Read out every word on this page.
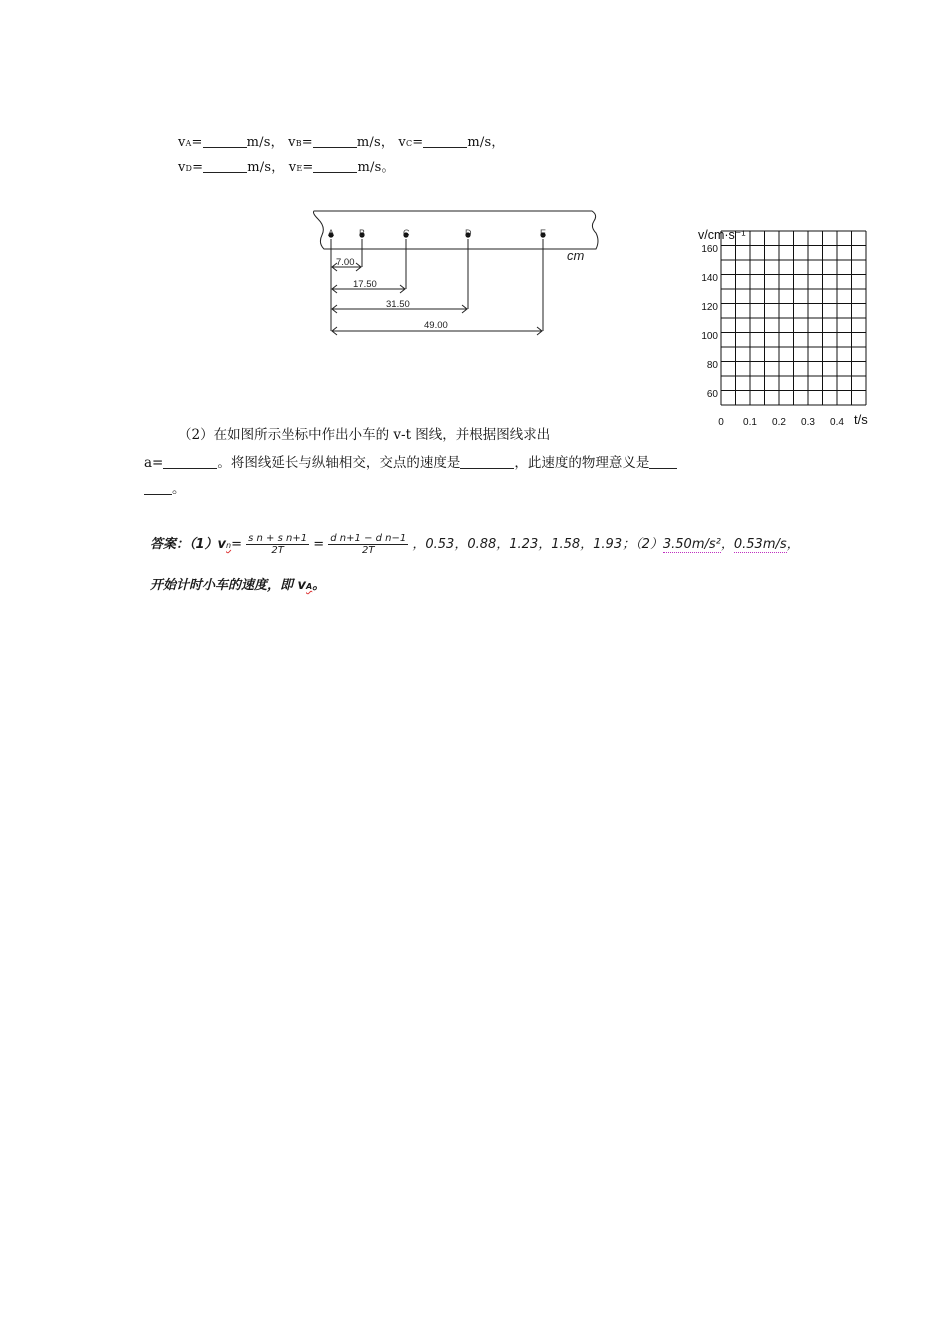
vA=	m/s， vB=	m/s， vC=	m/s，
vD=	m/s， vE=	m/s。
A	B	C	D	E
cm
7.00
17.50
31.50
49.00
v/cm·s⁻¹
160
140
120
100
80
60
0 0.1 0.2 0.3 0.4 t/s
（2）在如图所示坐标中作出小车的 v-t 图线，并根据图线求出
a=	。将图线延长与纵轴相交，交点的速度是	，此速度的物理意义是
。
答案：$(1)vn= \frac{\text{s n + s n+1}}{2T} = \frac{\text{d n+1 − d n−1}}{2T}$ ，0.53，0.88，1.23，1.58，1.93；（2）3.50m/s²，0.53m/s，
开始计时小车的速度，即 vA。
